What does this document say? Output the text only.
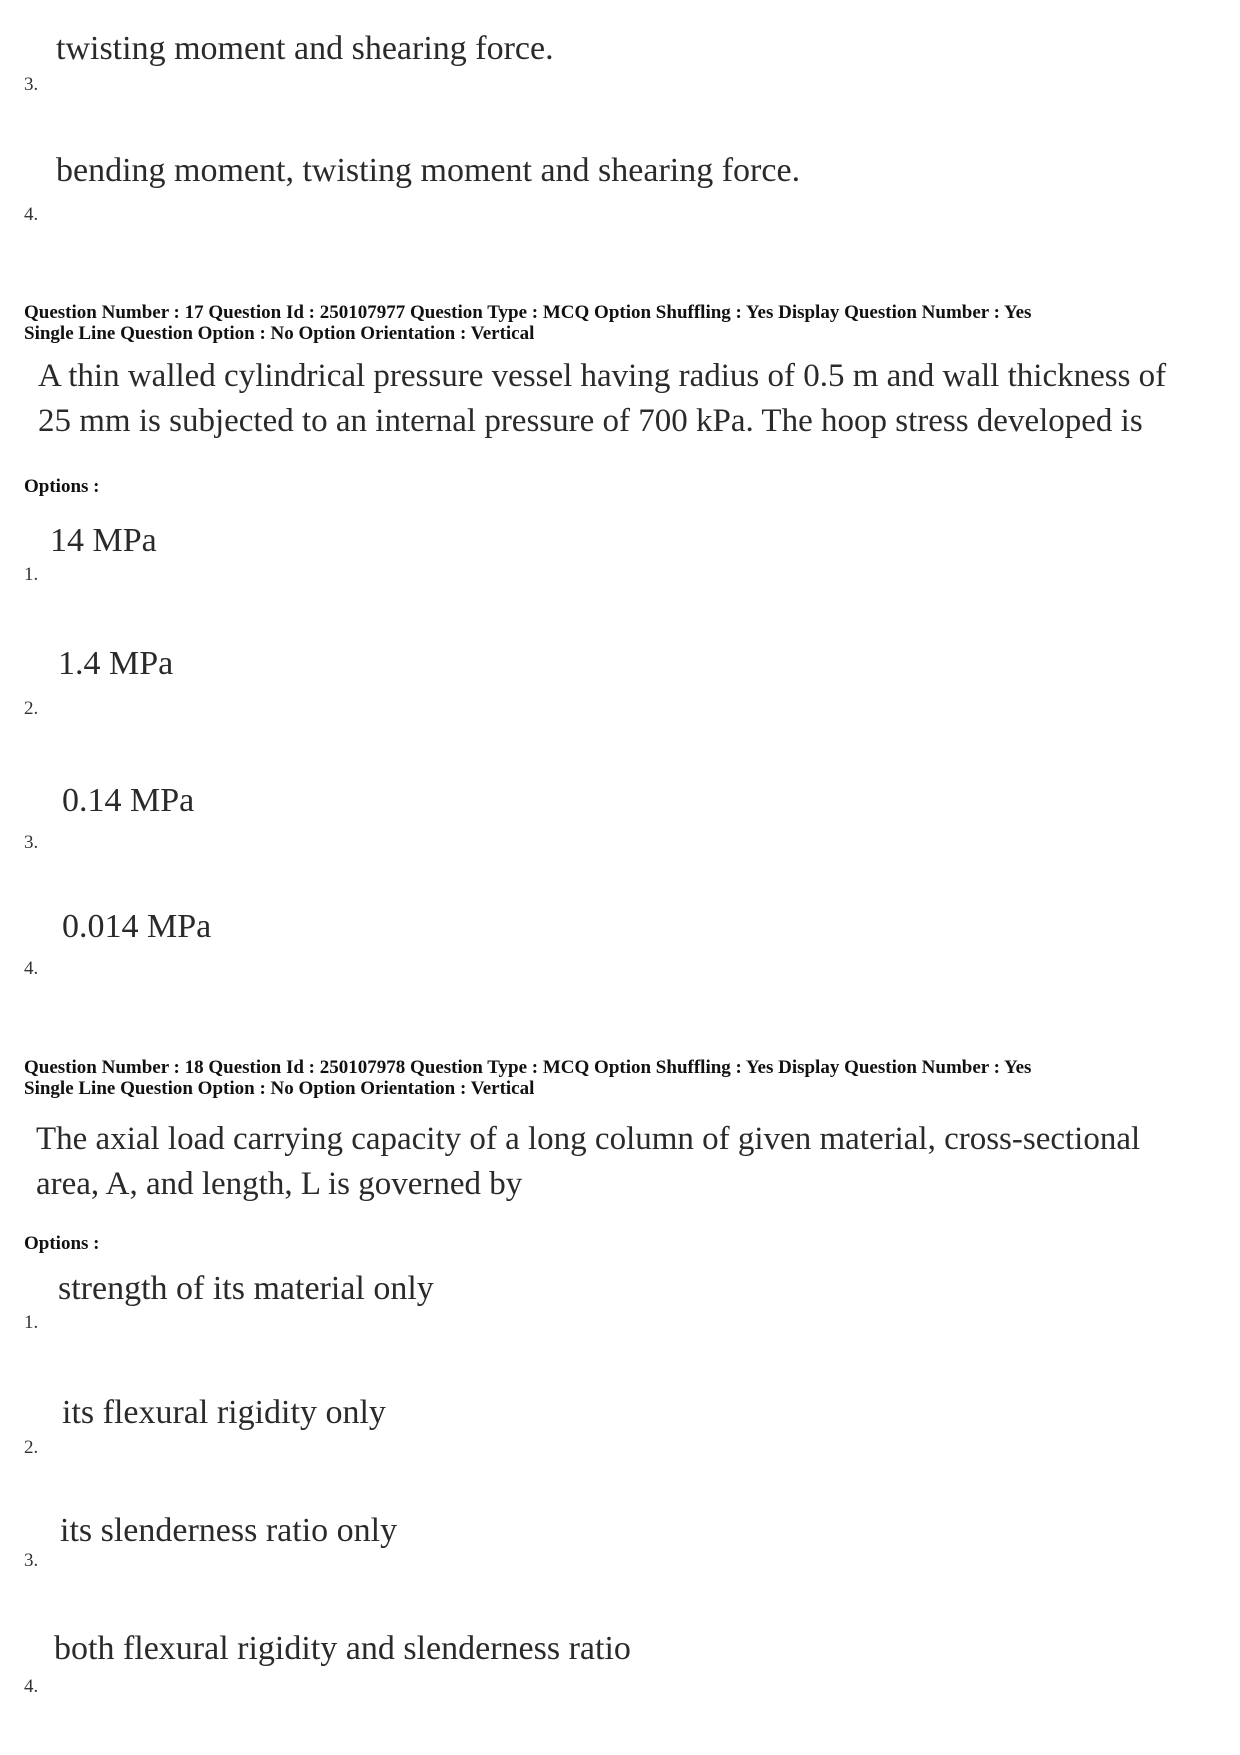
twisting moment and shearing force.
3.
bending moment, twisting moment and shearing force.
4.
Question Number : 17 Question Id : 250107977 Question Type : MCQ Option Shuffling : Yes Display Question Number : Yes
Single Line Question Option : No Option Orientation : Vertical
A thin walled cylindrical pressure vessel having radius of 0.5 m and wall thickness of
25 mm is subjected to an internal pressure of 700 kPa. The hoop stress developed is
Options :
14 MPa
1.
1.4 MPa
2.
0.14 MPa
3.
0.014 MPa
4.
Question Number : 18 Question Id : 250107978 Question Type : MCQ Option Shuffling : Yes Display Question Number : Yes
Single Line Question Option : No Option Orientation : Vertical
The axial load carrying capacity of a long column of given material, cross-sectional
area, A, and length, L is governed by
Options :
strength of its material only
1.
its flexural rigidity only
2.
its slenderness ratio only
3.
both flexural rigidity and slenderness ratio
4.
